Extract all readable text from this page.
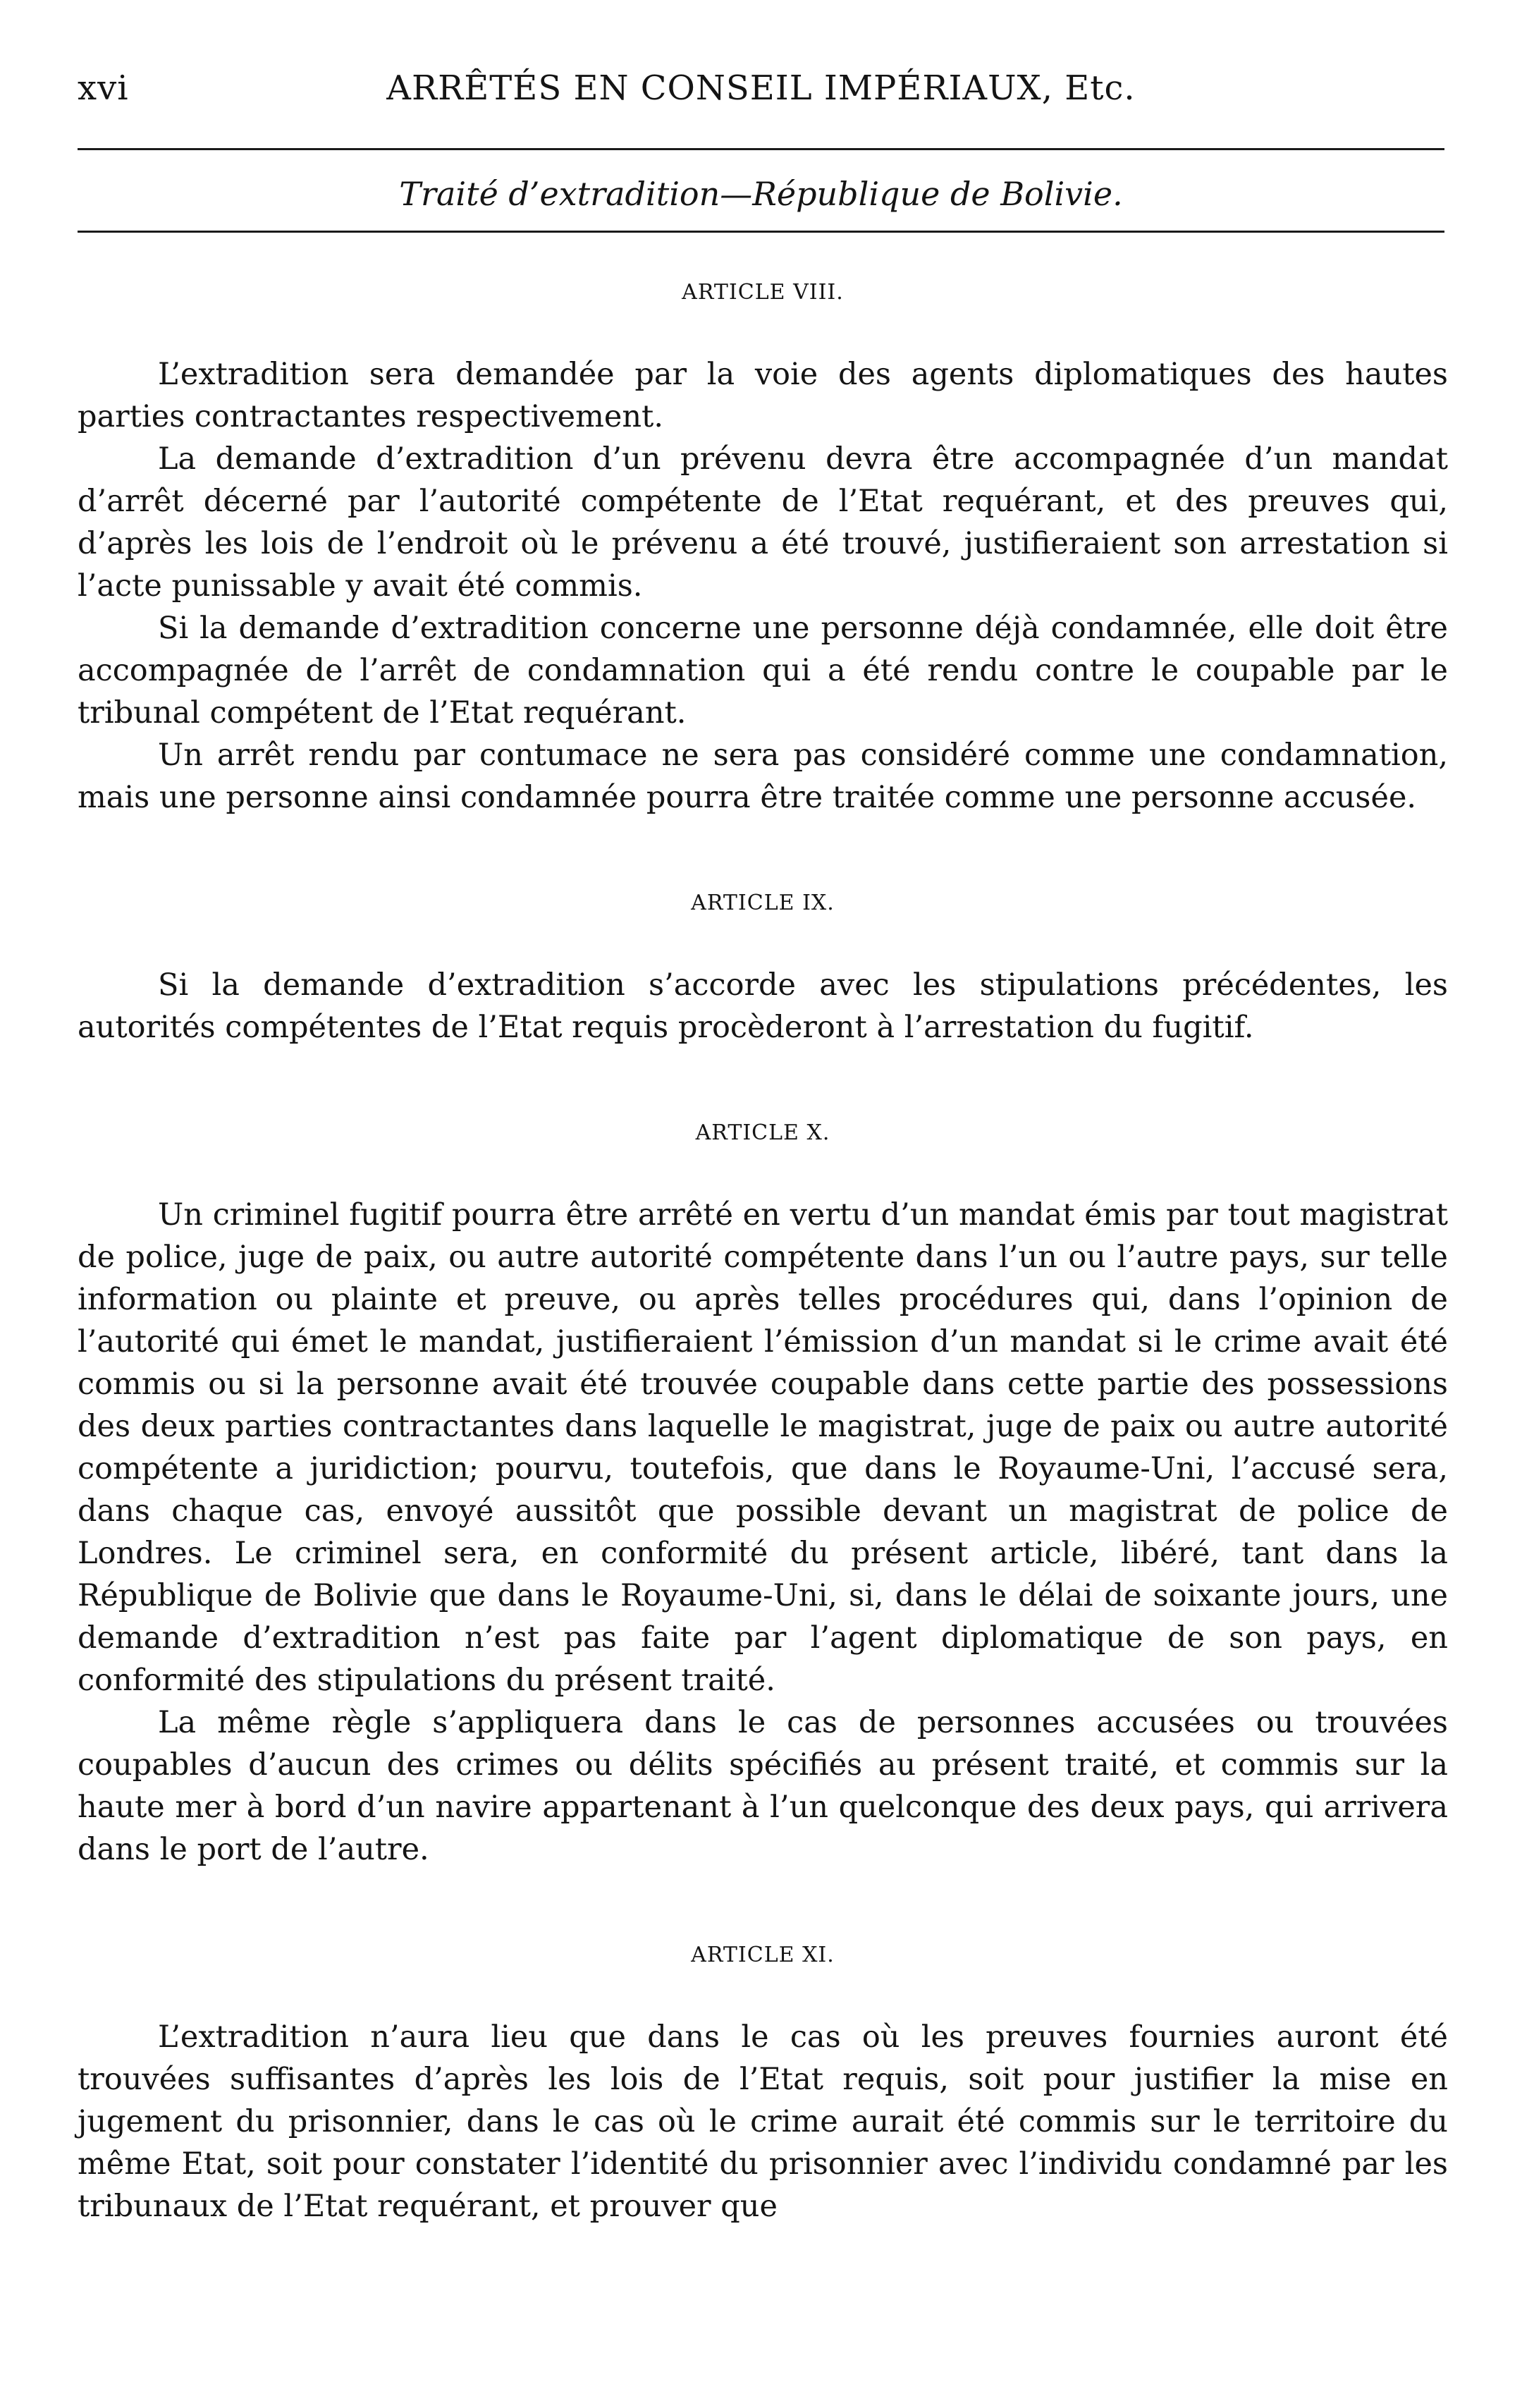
xvi	ARRÊTÉS EN CONSEIL IMPÉRIAUX, Etc.
Traité d’extradition—République de Bolivie.
ARTICLE VIII.

L’extradition sera demandée par la voie des agents diplomatiques des hautes parties contractantes respectivement.

La demande d’extradition d’un prévenu devra être accompagnée d’un mandat d’arrêt décerné par l’autorité compétente de l’Etat requérant, et des preuves qui, d’après les lois de l’endroit où le prévenu a été trouvé, justifieraient son arrestation si l’acte punissable y avait été commis.

Si la demande d’extradition concerne une personne déjà condamnée, elle doit être accompagnée de l’arrêt de condamnation qui a été rendu contre le coupable par le tribunal compétent de l’Etat requérant.

Un arrêt rendu par contumace ne sera pas considéré comme une condamnation, mais une personne ainsi condamnée pourra être traitée comme une personne accusée.

ARTICLE IX.

Si la demande d’extradition s’accorde avec les stipulations précédentes, les autorités compétentes de l’Etat requis procèderont à l’arrestation du fugitif.

ARTICLE X.

Un criminel fugitif pourra être arrêté en vertu d’un mandat émis par tout magistrat de police, juge de paix, ou autre autorité compétente dans l’un ou l’autre pays, sur telle information ou plainte et preuve, ou après telles procédures qui, dans l’opinion de l’autorité qui émet le mandat, justifieraient l’émission d’un mandat si le crime avait été commis ou si la personne avait été trouvée coupable dans cette partie des possessions des deux parties contractantes dans laquelle le magistrat, juge de paix ou autre autorité compétente a juridiction; pourvu, toutefois, que dans le Royaume-Uni, l’accusé sera, dans chaque cas, envoyé aussitôt que possible devant un magistrat de police de Londres. Le criminel sera, en conformité du présent article, libéré, tant dans la République de Bolivie que dans le Royaume-Uni, si, dans le délai de soixante jours, une demande d’extradition n’est pas faite par l’agent diplomatique de son pays, en conformité des stipulations du présent traité.

La même règle s’appliquera dans le cas de personnes accusées ou trouvées coupables d’aucun des crimes ou délits spécifiés au présent traité, et commis sur la haute mer à bord d’un navire appartenant à l’un quelconque des deux pays, qui arrivera dans le port de l’autre.

ARTICLE XI.

L’extradition n’aura lieu que dans le cas où les preuves fournies auront été trouvées suffisantes d’après les lois de l’Etat requis, soit pour justifier la mise en jugement du prisonnier, dans le cas où le crime aurait été commis sur le territoire du même Etat, soit pour constater l’identité du prisonnier avec l’individu condamné par les tribunaux de l’Etat requérant, et prouver que
